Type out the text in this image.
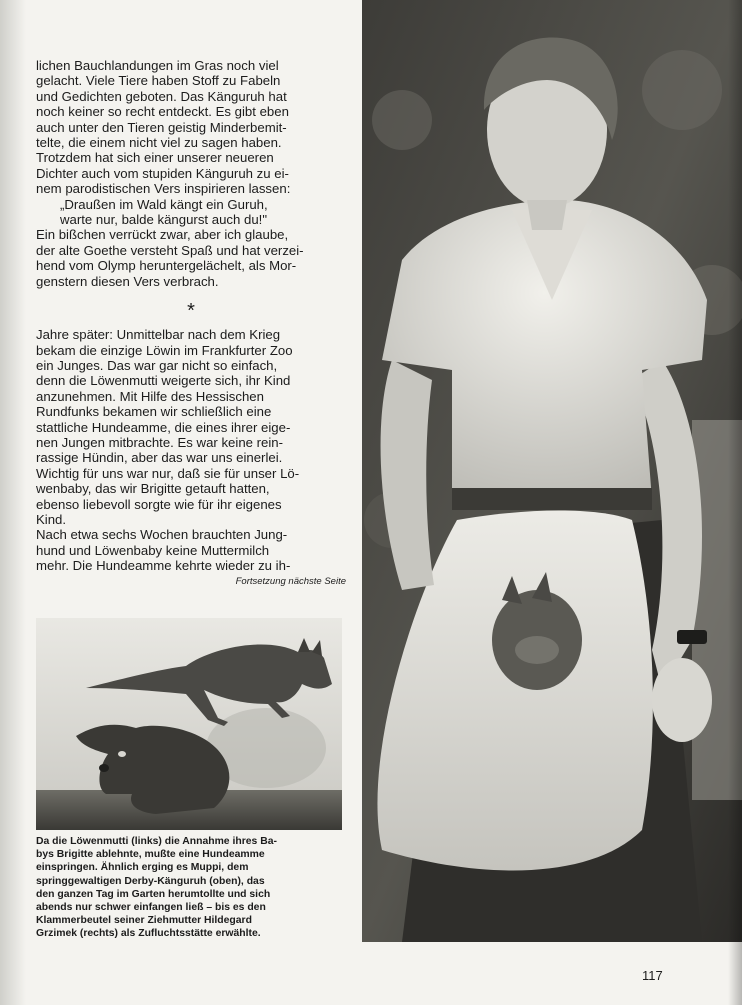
lichen Bauchlandungen im Gras noch viel
gelacht. Viele Tiere haben Stoff zu Fabeln
und Gedichten geboten. Das Känguruh hat
noch keiner so recht entdeckt. Es gibt eben
auch unter den Tieren geistig Minderbemit-
telte, die einem nicht viel zu sagen haben.
Trotzdem hat sich einer unserer neueren
Dichter auch vom stupiden Känguruh zu ei-
nem parodistischen Vers inspirieren lassen:

„Draußen im Wald kängt ein Guruh,
warte nur, balde kängurst auch du!"
Ein bißchen verrückt zwar, aber ich glaube,
der alte Goethe versteht Spaß und hat verzei-
hend vom Olymp heruntergelächelt, als Mor-
genstern diesen Vers verbrach.

*

Jahre später: Unmittelbar nach dem Krieg
bekam die einzige Löwin im Frankfurter Zoo
ein Junges. Das war gar nicht so einfach,
denn die Löwenmutti weigerte sich, ihr Kind
anzunehmen. Mit Hilfe des Hessischen
Rundfunks bekamen wir schließlich eine
stattliche Hundeamme, die eines ihrer eige-
nen Jungen mitbrachte. Es war keine rein-
rassige Hündin, aber das war uns einerlei.
Wichtig für uns war nur, daß sie für unser Lö-
wenbaby, das wir Brigitte getauft hatten,
ebenso liebevoll sorgte wie für ihr eigenes
Kind.
Nach etwa sechs Wochen brauchten Jung-
hund und Löwenbaby keine Muttermilch
mehr. Die Hundeamme kehrte wieder zu ih-

Fortsetzung nächste Seite
Da die Löwenmutti (links) die Annahme ihres Ba-
bys Brigitte ablehnte, mußte eine Hundeamme
einspringen. Ähnlich erging es Muppi, dem
springgewaltigen Derby-Känguruh (oben), das
den ganzen Tag im Garten herumtollte und sich
abends nur schwer einfangen ließ – bis es den
Klammerbeutel seiner Ziehmutter Hildegard
Grzimek (rechts) als Zufluchtsstätte erwählte.

117
